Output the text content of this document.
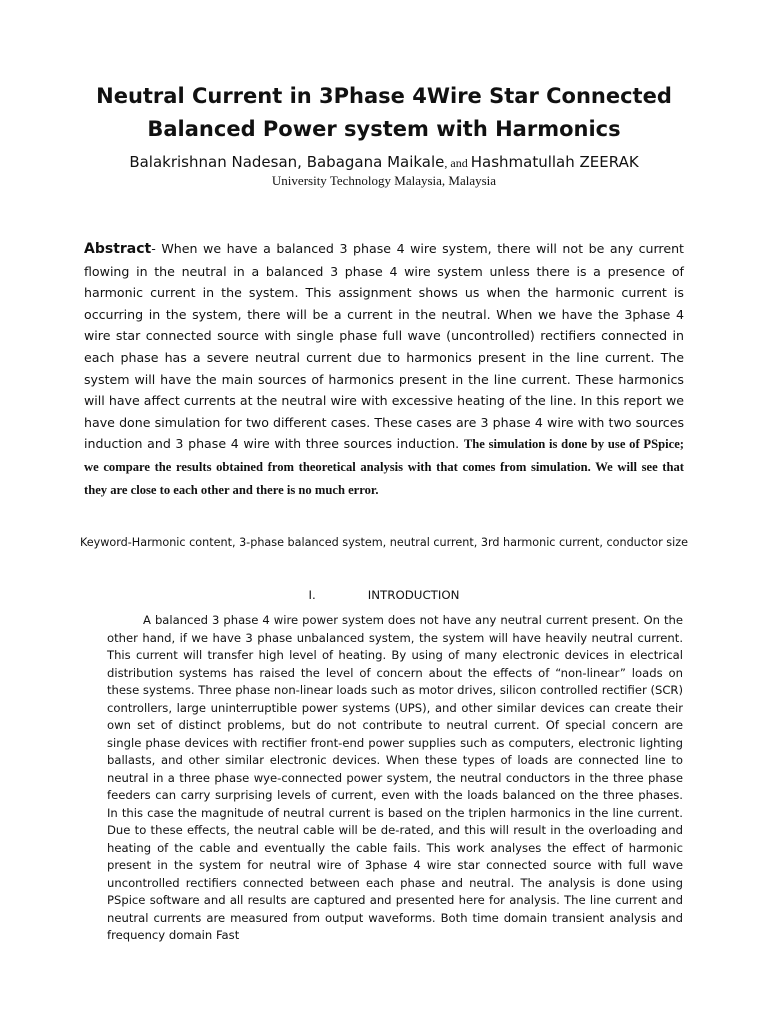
Neutral Current in 3Phase 4Wire Star Connected
Balanced Power system with Harmonics
Balakrishnan Nadesan, Babagana Maikale, and Hashmatullah ZEERAK
University Technology Malaysia, Malaysia
Abstract- When we have a balanced 3 phase 4 wire system, there will not be any current flowing in the neutral in a balanced 3 phase 4 wire system unless there is a presence of harmonic current in the system. This assignment shows us when the harmonic current is occurring in the system, there will be a current in the neutral. When we have the 3phase 4 wire star connected source with single phase full wave (uncontrolled) rectifiers connected in each phase has a severe neutral current due to harmonics present in the line current. The system will have the main sources of harmonics present in the line current. These harmonics will have affect currents at the neutral wire with excessive heating of the line. In this report we have done simulation for two different cases. These cases are 3 phase 4 wire with two sources induction and 3 phase 4 wire with three sources induction. The simulation is done by use of PSpice; we compare the results obtained from theoretical analysis with that comes from simulation. We will see that they are close to each other and there is no much error.
Keyword-Harmonic content, 3-phase balanced system, neutral current, 3rd harmonic current, conductor size
I.	INTRODUCTION

A balanced 3 phase 4 wire power system does not have any neutral current present. On the other hand, if we have 3 phase unbalanced system, the system will have heavily neutral current. This current will transfer high level of heating. By using of many electronic devices in electrical distribution systems has raised the level of concern about the effects of “non-linear” loads on these systems. Three phase non-linear loads such as motor drives, silicon controlled rectifier (SCR) controllers, large uninterruptible power systems (UPS), and other similar devices can create their own set of distinct problems, but do not contribute to neutral current. Of special concern are single phase devices with rectifier front-end power supplies such as computers, electronic lighting ballasts, and other similar electronic devices. When these types of loads are connected line to neutral in a three phase wye-connected power system, the neutral conductors in the three phase feeders can carry surprising levels of current, even with the loads balanced on the three phases. In this case the magnitude of neutral current is based on the triplen harmonics in the line current. Due to these effects, the neutral cable will be de-rated, and this will result in the overloading and heating of the cable and eventually the cable fails. This work analyses the effect of harmonic present in the system for neutral wire of 3phase 4 wire star connected source with full wave uncontrolled rectifiers connected between each phase and neutral. The analysis is done using PSpice software and all results are captured and presented here for analysis. The line current and neutral currents are measured from output waveforms. Both time domain transient analysis and frequency domain Fast
